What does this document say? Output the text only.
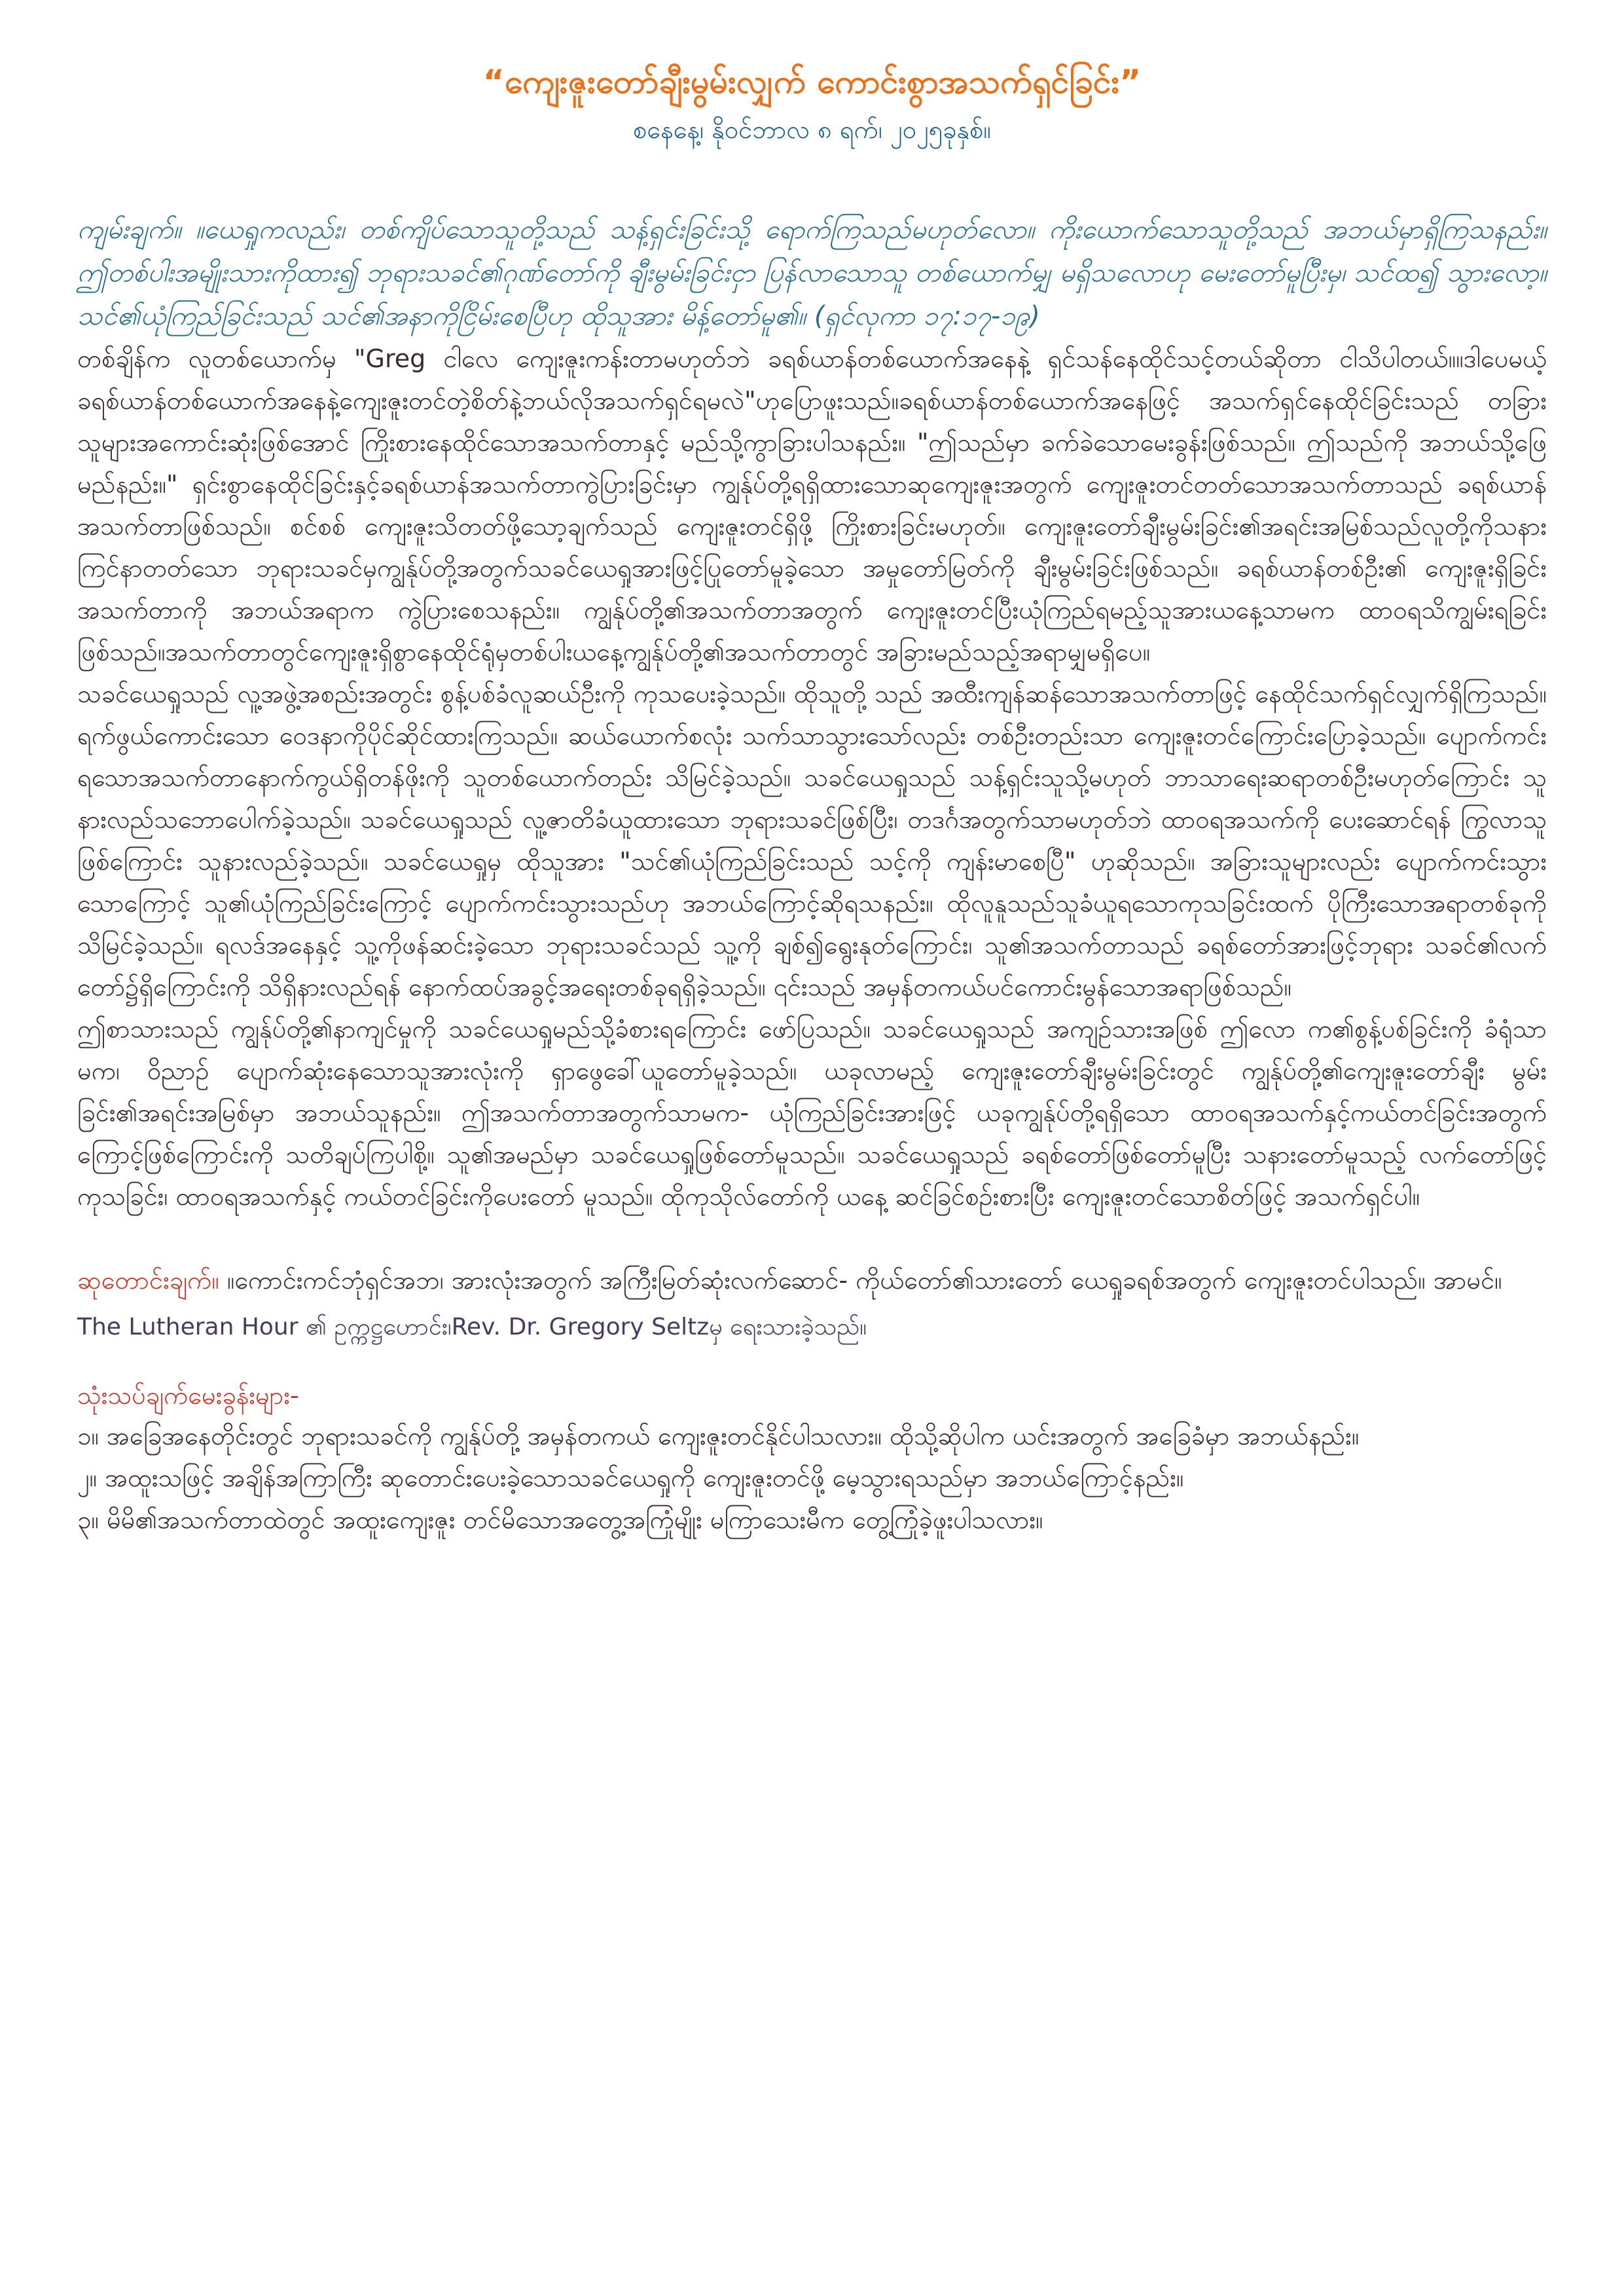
“ကျေးဇူးတော်ချီးမွမ်းလျှက် ကောင်းစွာအသက်ရှင်ခြင်း”

စနေနေ့၊ နိုဝင်ဘာလ ၈ ရက်၊ ၂၀၂၅ခုနှစ်။

ကျမ်းချက်။ ။ယေရှုကလည်း၊ တစ်ကျိပ်သောသူတို့သည် သန့်ရှင်းခြင်းသို့ ရောက်ကြသည်မဟုတ်လော။ ကိုးယောက်သောသူတို့သည် အဘယ်မှာရှိကြသနည်း။ ဤတစ်ပါးအမျိုးသားကိုထား၍ ဘုရားသခင်၏ဂုဏ်တော်ကို ချီးမွမ်းခြင်းငှာ ပြန်လာသောသူ တစ်ယောက်မျှ မရှိသလောဟု မေးတော်မူပြီးမှ၊ သင်ထ၍ သွားလော့။ သင်၏ယုံကြည်ခြင်းသည် သင်၏အနာကိုငြိမ်းစေပြီဟု ထိုသူအား မိန့်တော်မူ၏။ (ရှင်လုကာ ၁၇:၁၇-၁၉)

တစ်ချိန်က လူတစ်ယောက်မှ "Greg ငါလေ ကျေးဇူးကန်းတာမဟုတ်ဘဲ ခရစ်ယာန်တစ်ယောက်အနေနဲ့ ရှင်သန်နေထိုင်သင့်တယ်ဆိုတာ ငါသိပါတယ်။။ဒါပေမယ့်ခရစ်ယာန်တစ်ယောက်အနေနဲ့ကျေးဇူးတင်တဲ့စိတ်နဲ့ဘယ်လိုအသက်ရှင်ရမလဲ"ဟုပြောဖူးသည်။ခရစ်ယာန်တစ်ယောက်အနေဖြင့် အသက်ရှင်နေထိုင်ခြင်းသည် တခြားသူများအကောင်းဆုံးဖြစ်အောင် ကြိုးစားနေထိုင်သောအသက်တာနှင့် မည်သို့ကွာခြားပါသနည်း။ "ဤသည်မှာ ခက်ခဲသောမေးခွန်းဖြစ်သည်။ ဤသည်ကို အဘယ်သို့ဖြေမည်နည်း။" ရှင်းစွာနေထိုင်ခြင်းနှင့်ခရစ်ယာန်အသက်တာကွဲပြားခြင်းမှာ ကျွန်ုပ်တို့ရရှိထားသောဆုကျေးဇူးအတွက် ကျေးဇူးတင်တတ်သောအသက်တာသည် ခရစ်ယာန်အသက်တာဖြစ်သည်။ စင်စစ် ကျေးဇူးသိတတ်ဖို့သော့ချက်သည် ကျေးဇူးတင်ရှိဖို့ ကြိုးစားခြင်းမဟုတ်။ ကျေးဇူးတော်ချီးမွမ်းခြင်း၏အရင်းအမြစ်သည်လူတို့ကိုသနားကြင်နာတတ်သော ဘုရားသခင်မှကျွန်ုပ်တို့အတွက်သခင်ယေရှုအားဖြင့်ပြုတော်မူခဲ့သော အမှုတော်မြတ်ကို ချီးမွမ်းခြင်းဖြစ်သည်။ ခရစ်ယာန်တစ်ဦး၏ ကျေးဇူးရှိခြင်းအသက်တာကို အဘယ်အရာက ကွဲပြားစေသနည်း။ ကျွန်ုပ်တို့၏အသက်တာအတွက် ကျေးဇူးတင်ပြီးယုံကြည်ရမည့်သူအားယနေ့သာမက ထာဝရသိကျွမ်းရခြင်းဖြစ်သည်။အသက်တာတွင်ကျေးဇူးရှိစွာနေထိုင်ရုံမှတစ်ပါးယနေ့ကျွန်ုပ်တို့၏အသက်တာတွင် အခြားမည်သည့်အရာမျှမရှိပေ။

သခင်ယေရှုသည် လူ့အဖွဲ့အစည်းအတွင်း စွန့်ပစ်ခံလူဆယ်ဦးကို ကုသပေးခဲ့သည်။ ထိုသူတို့ သည် အထီးကျန်ဆန်သောအသက်တာဖြင့် နေထိုင်သက်ရှင်လျှက်ရှိကြသည်။ ရက်ဖွယ်ကောင်းသော ဝေဒနာကိုပိုင်ဆိုင်ထားကြသည်။ ဆယ်ယောက်စလုံး သက်သာသွားသော်လည်း တစ်ဦးတည်းသာ ကျေးဇူးတင်ကြောင်းပြောခဲ့သည်။ ပျောက်ကင်းရသောအသက်တာနောက်ကွယ်ရှိတန်ဖိုးကို သူတစ်ယောက်တည်း သိမြင်ခဲ့သည်။ သခင်ယေရှုသည် သန့်ရှင်းသူသို့မဟုတ် ဘာသာရေးဆရာတစ်ဦးမဟုတ်ကြောင်း သူနားလည်သဘောပေါက်ခဲ့သည်။ သခင်ယေရှုသည် လူ့ဇာတိခံယူထားသော ဘုရားသခင်ဖြစ်ပြီး၊ တဒင်္ဂအတွက်သာမဟုတ်ဘဲ ထာဝရအသက်ကို ပေးဆောင်ရန် ကြွလာသူဖြစ်ကြောင်း သူနားလည်ခဲ့သည်။ သခင်ယေရှုမှ ထိုသူအား "သင်၏ယုံကြည်ခြင်းသည် သင့်ကို ကျန်းမာစေပြီ" ဟုဆိုသည်။ အခြားသူများလည်း ပျောက်ကင်းသွားသောကြောင့် သူ၏ယုံကြည်ခြင်းကြောင့် ပျောက်ကင်းသွားသည်ဟု အဘယ်ကြောင့်ဆိုရသနည်း။ ထိုလူနူသည်သူခံယူရသောကုသခြင်းထက် ပိုကြီးသောအရာတစ်ခုကိုသိမြင်ခဲ့သည်။ ရလဒ်အနေနှင့် သူ့ကိုဖန်ဆင်းခဲ့သော ဘုရားသခင်သည် သူ့ကို ချစ်၍ရွေးနုတ်ကြောင်း၊ သူ၏အသက်တာသည် ခရစ်တော်အားဖြင့်ဘုရား သခင်၏လက်တော်၌ရှိကြောင်းကို သိရှိနားလည်ရန် နောက်ထပ်အခွင့်အရေးတစ်ခုရရှိခဲ့သည်။ ၎င်းသည် အမှန်တကယ်ပင်ကောင်းမွန်သောအရာဖြစ်သည်။

ဤစာသားသည် ကျွန်ုပ်တို့၏နာကျင်မှုကို သခင်ယေရှုမည်သို့ခံစားရကြောင်း ဖော်ပြသည်။ သခင်ယေရှုသည် အကျဉ်သားအဖြစ် ဤလော က၏စွန့်ပစ်ခြင်းကို ခံရုံသာမက၊ ဝိညာဉ် ပျောက်ဆုံးနေသောသူအားလုံးကို ရှာဖွေခေါ်ယူတော်မူခဲ့သည်။ ယခုလာမည့် ကျေးဇူးတော်ချီးမွမ်းခြင်းတွင် ကျွန်ုပ်တို့၏ကျေးဇူးတော်ချီး မွမ်းခြင်း၏အရင်းအမြစ်မှာ အဘယ်သူနည်း။ ဤအသက်တာအတွက်သာမက- ယုံကြည်ခြင်းအားဖြင့် ယခုကျွန်ုပ်တို့ရရှိသော ထာဝရအသက်နှင့်ကယ်တင်ခြင်းအတွက်ကြောင့်ဖြစ်ကြောင်းကို သတိချပ်ကြပါစို့။ သူ၏အမည်မှာ သခင်ယေရှုဖြစ်တော်မူသည်။ သခင်ယေရှုသည် ခရစ်တော်ဖြစ်တော်မူပြီး သနားတော်မူသည့် လက်တော်ဖြင့် ကုသခြင်း၊ ထာဝရအသက်နှင့် ကယ်တင်ခြင်းကိုပေးတော် မူသည်။ ထိုကုသိုလ်တော်ကို ယနေ့ ဆင်ခြင်စဉ်းစားပြီး ကျေးဇူးတင်သောစိတ်ဖြင့် အသက်ရှင်ပါ။

ဆုတောင်းချက်။ ။ကောင်းကင်ဘုံရှင်အဘ၊ အားလုံးအတွက် အကြီးမြတ်ဆုံးလက်ဆောင်- ကိုယ်တော်၏သားတော် ယေရှုခရစ်အတွက် ကျေးဇူးတင်ပါသည်။ အာမင်။

The Lutheran Hour ၏ ဥက္ကဋ္ဌဟောင်း၊Rev. Dr. Gregory Seltzမှ ရေးသားခဲ့သည်။

သုံးသပ်ချက်မေးခွန်းများ-

၁။ အခြေအနေတိုင်းတွင် ဘုရားသခင်ကို ကျွန်ုပ်တို့ အမှန်တကယ် ကျေးဇူးတင်နိုင်ပါသလား။ ထိုသို့ဆိုပါက ယင်းအတွက် အခြေခံမှာ အဘယ်နည်း။

၂။ အထူးသဖြင့် အချိန်အကြာကြီး ဆုတောင်းပေးခဲ့သောသခင်ယေရှုကို ကျေးဇူးတင်ဖို့ မေ့သွားရသည်မှာ အဘယ်ကြောင့်နည်း။

၃။ မိမိ၏အသက်တာထဲတွင် အထူးကျေးဇူး တင်မိသောအတွေ့အကြုံမျိုး မကြာသေးမီက တွေ့ကြုံခဲ့ဖူးပါသလား။
